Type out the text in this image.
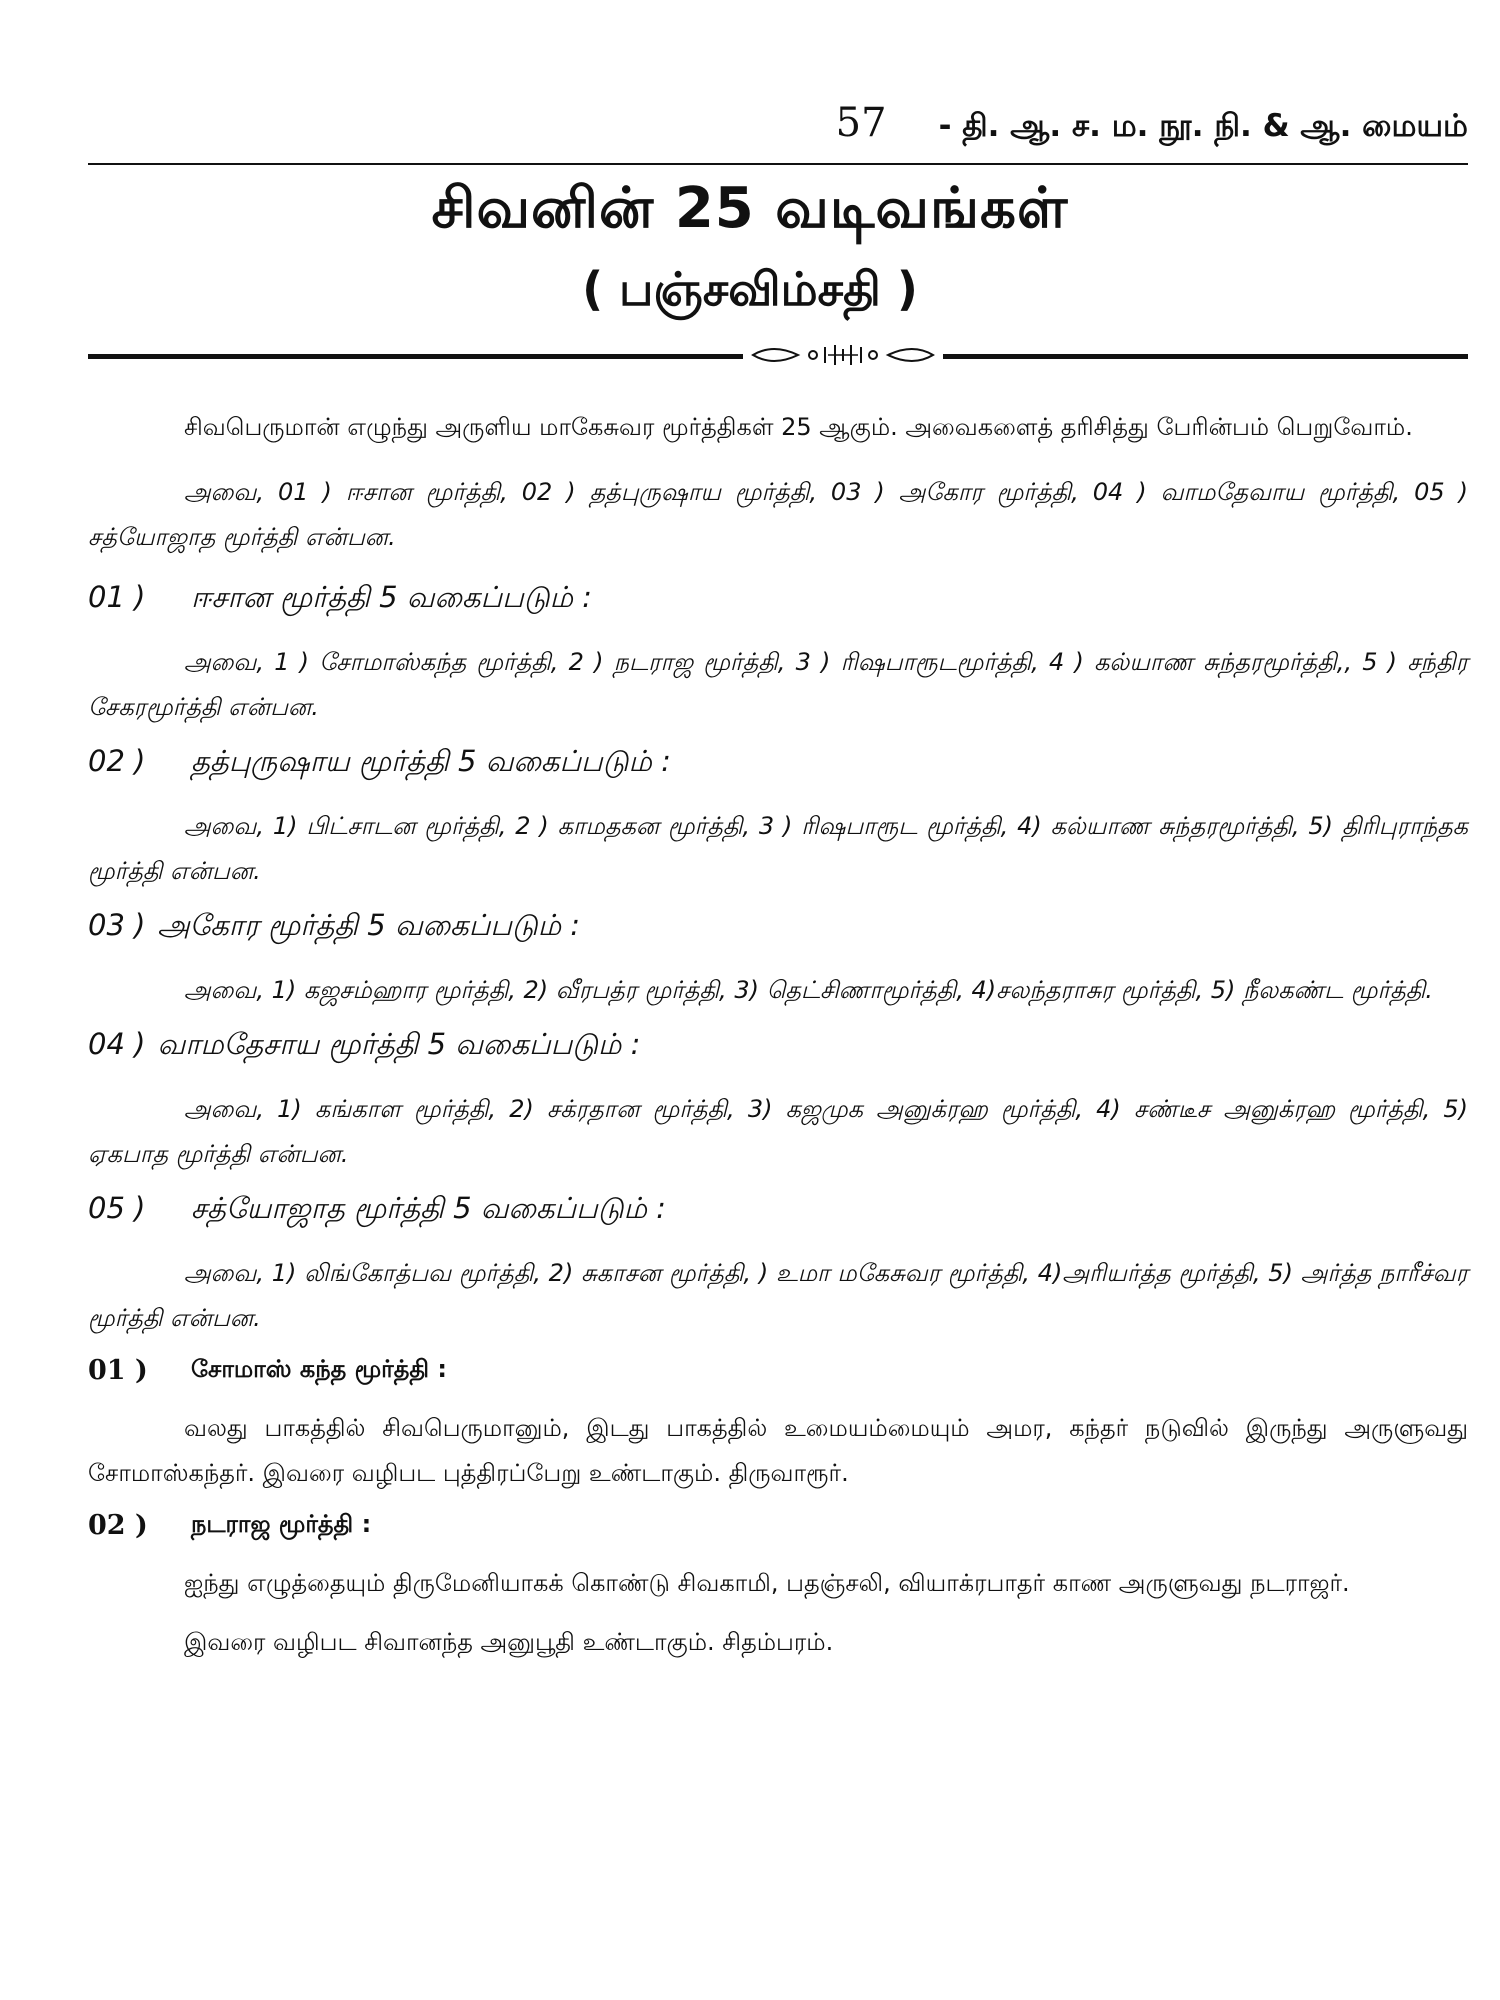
57 - தி. ஆ. ச. ம. நூ. நி. & ஆ. மையம்
சிவனின் 25 வடிவங்கள்
( பஞ்சவிம்சதி )

சிவபெருமான் எழுந்து அருளிய மாகேசுவர மூர்த்திகள் 25 ஆகும். அவைகளைத் தரிசித்து பேரின்பம் பெறுவோம்.

அவை, 01 ) ஈசான மூர்த்தி, 02 ) தத்புருஷாய மூர்த்தி, 03 ) அகோர மூர்த்தி, 04 ) வாமதேவாய மூர்த்தி, 05 ) சத்யோஜாத மூர்த்தி என்பன.

01 )	ஈசான மூர்த்தி 5 வகைப்படும் :

அவை, 1 ) சோமாஸ்கந்த மூர்த்தி, 2 ) நடராஜ மூர்த்தி, 3 ) ரிஷபாரூடமூர்த்தி, 4 ) கல்யாண சுந்தரமூர்த்தி,, 5 ) சந்திர சேகரமூர்த்தி என்பன.

02 )	தத்புருஷாய மூர்த்தி 5 வகைப்படும் :

அவை, 1) பிட்சாடன மூர்த்தி, 2 ) காமதகன மூர்த்தி, 3 ) ரிஷபாரூட மூர்த்தி, 4) கல்யாண சுந்தரமூர்த்தி, 5) திரிபுராந்தக மூர்த்தி என்பன.

03 ) அகோர மூர்த்தி 5 வகைப்படும் :

அவை, 1) கஜசம்ஹார மூர்த்தி, 2) வீரபத்ர மூர்த்தி, 3) தெட்சிணாமூர்த்தி, 4)சலந்தராசுர மூர்த்தி, 5) நீலகண்ட மூர்த்தி.

04 ) வாமதேசாய மூர்த்தி 5 வகைப்படும் :

அவை, 1) கங்காள மூர்த்தி, 2) சக்ரதான மூர்த்தி, 3) கஜமுக அனுக்ரஹ மூர்த்தி, 4) சண்டீச அனுக்ரஹ மூர்த்தி, 5) ஏகபாத மூர்த்தி என்பன.

05 )	சத்யோஜாத மூர்த்தி 5 வகைப்படும் :

அவை, 1) லிங்கோத்பவ மூர்த்தி, 2) சுகாசன மூர்த்தி, ) உமா மகேசுவர மூர்த்தி, 4)அரியர்த்த மூர்த்தி, 5) அர்த்த நாரீச்வர மூர்த்தி என்பன.

01 )	சோமாஸ் கந்த மூர்த்தி :

வலது பாகத்தில் சிவபெருமானும், இடது பாகத்தில் உமையம்மையும் அமர, கந்தர் நடுவில் இருந்து அருளுவது சோமாஸ்கந்தர். இவரை வழிபட புத்திரப்பேறு உண்டாகும். திருவாரூர்.

02 )	நடராஜ மூர்த்தி :

ஐந்து எழுத்தையும் திருமேனியாகக் கொண்டு சிவகாமி, பதஞ்சலி, வியாக்ரபாதர் காண அருளுவது நடராஜர்.

இவரை வழிபட சிவானந்த அனுபூதி உண்டாகும். சிதம்பரம்.
